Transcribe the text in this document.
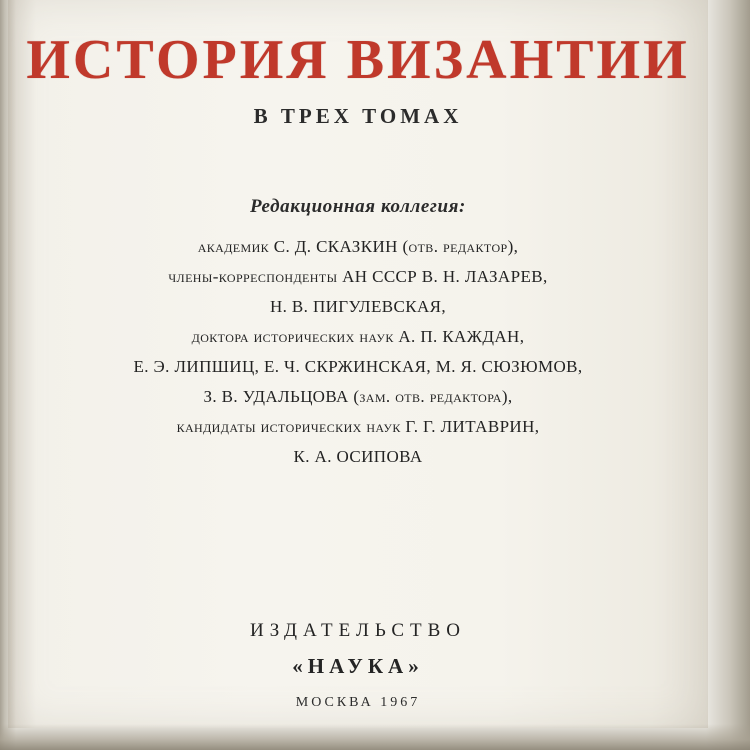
ИСТОРИЯ ВИЗАНТИИ
В ТРЕХ ТОМАХ
Редакционная коллегия:
академик С. Д. СКАЗКИН (отв. редактор),
члены-корреспонденты АН СССР В. Н. ЛАЗАРЕВ,
Н. В. ПИГУЛЕВСКАЯ,
доктора исторических наук А. П. КАЖДАН,
Е. Э. ЛИПШИЦ, Е. Ч. СКРЖИНСКАЯ, М. Я. СЮЗЮМОВ,
З. В. УДАЛЬЦОВА (зам. отв. редактора),
кандидаты исторических наук Г. Г. ЛИТАВРИН,
К. А. ОСИПОВА
ИЗДАТЕЛЬСТВО
«НАУКА»
МОСКВА 1967
